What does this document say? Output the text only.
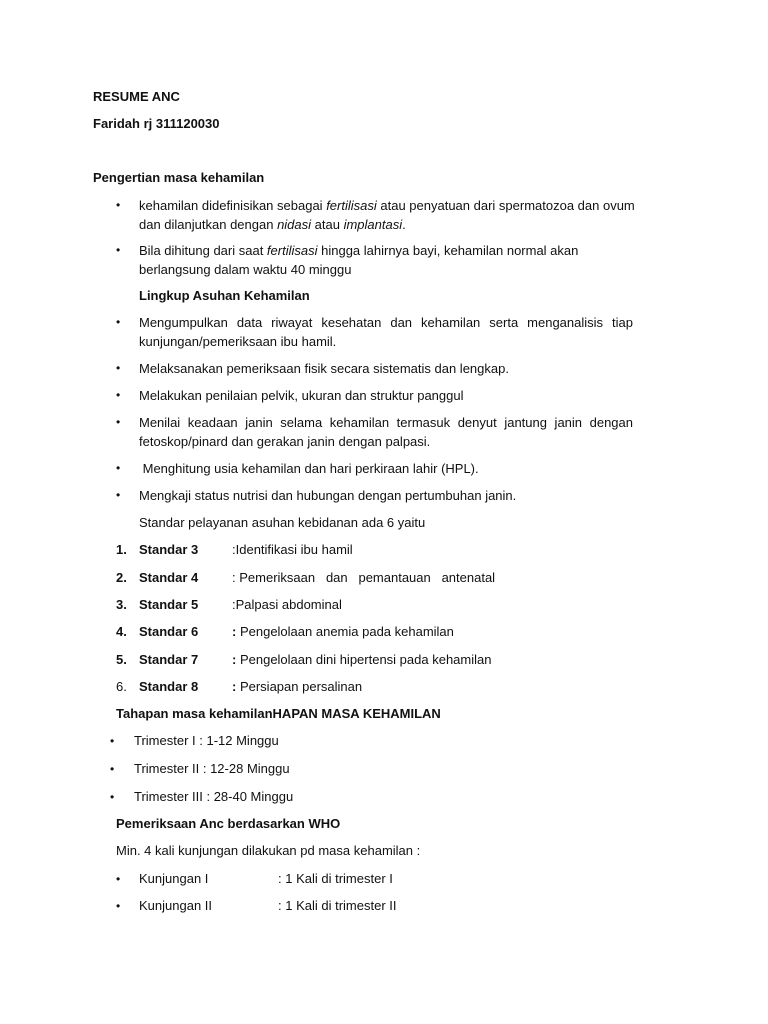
RESUME ANC
Faridah rj 311120030
Pengertian masa kehamilan
• kehamilan didefinisikan sebagai fertilisasi atau penyatuan dari spermatozoa dan ovum dan dilanjutkan dengan nidasi atau implantasi.
• Bila dihitung dari saat fertilisasi hingga lahirnya bayi, kehamilan normal akan berlangsung dalam waktu 40 minggu
Lingkup Asuhan Kehamilan
• Mengumpulkan data riwayat kesehatan dan kehamilan serta menganalisis tiap kunjungan/pemeriksaan ibu hamil.
• Melaksanakan pemeriksaan fisik secara sistematis dan lengkap.
• Melakukan penilaian pelvik, ukuran dan struktur panggul
• Menilai keadaan janin selama kehamilan termasuk denyut jantung janin dengan fetoskop/pinard dan gerakan janin dengan palpasi.
• Menghitung usia kehamilan dan hari perkiraan lahir (HPL).
• Mengkaji status nutrisi dan hubungan dengan pertumbuhan janin.
Standar pelayanan asuhan kebidanan ada 6 yaitu
1. Standar 3	:Identifikasi ibu hamil
2. Standar 4	: Pemeriksaan   dan   pemantauan   antenatal
3. Standar 5	:Palpasi abdominal
4. Standar 6	: Pengelolaan anemia pada kehamilan
5. Standar 7	: Pengelolaan dini hipertensi pada kehamilan
6. Standar 8	: Persiapan persalinan
Tahapan masa kehamilanHAPAN MASA KEHAMILAN
• Trimester I : 1-12 Minggu
• Trimester II : 12-28 Minggu
• Trimester III : 28-40 Minggu
Pemeriksaan Anc berdasarkan WHO
Min. 4 kali kunjungan dilakukan pd masa kehamilan :
• Kunjungan I	: 1 Kali di trimester I
• Kunjungan II	: 1 Kali di trimester II
